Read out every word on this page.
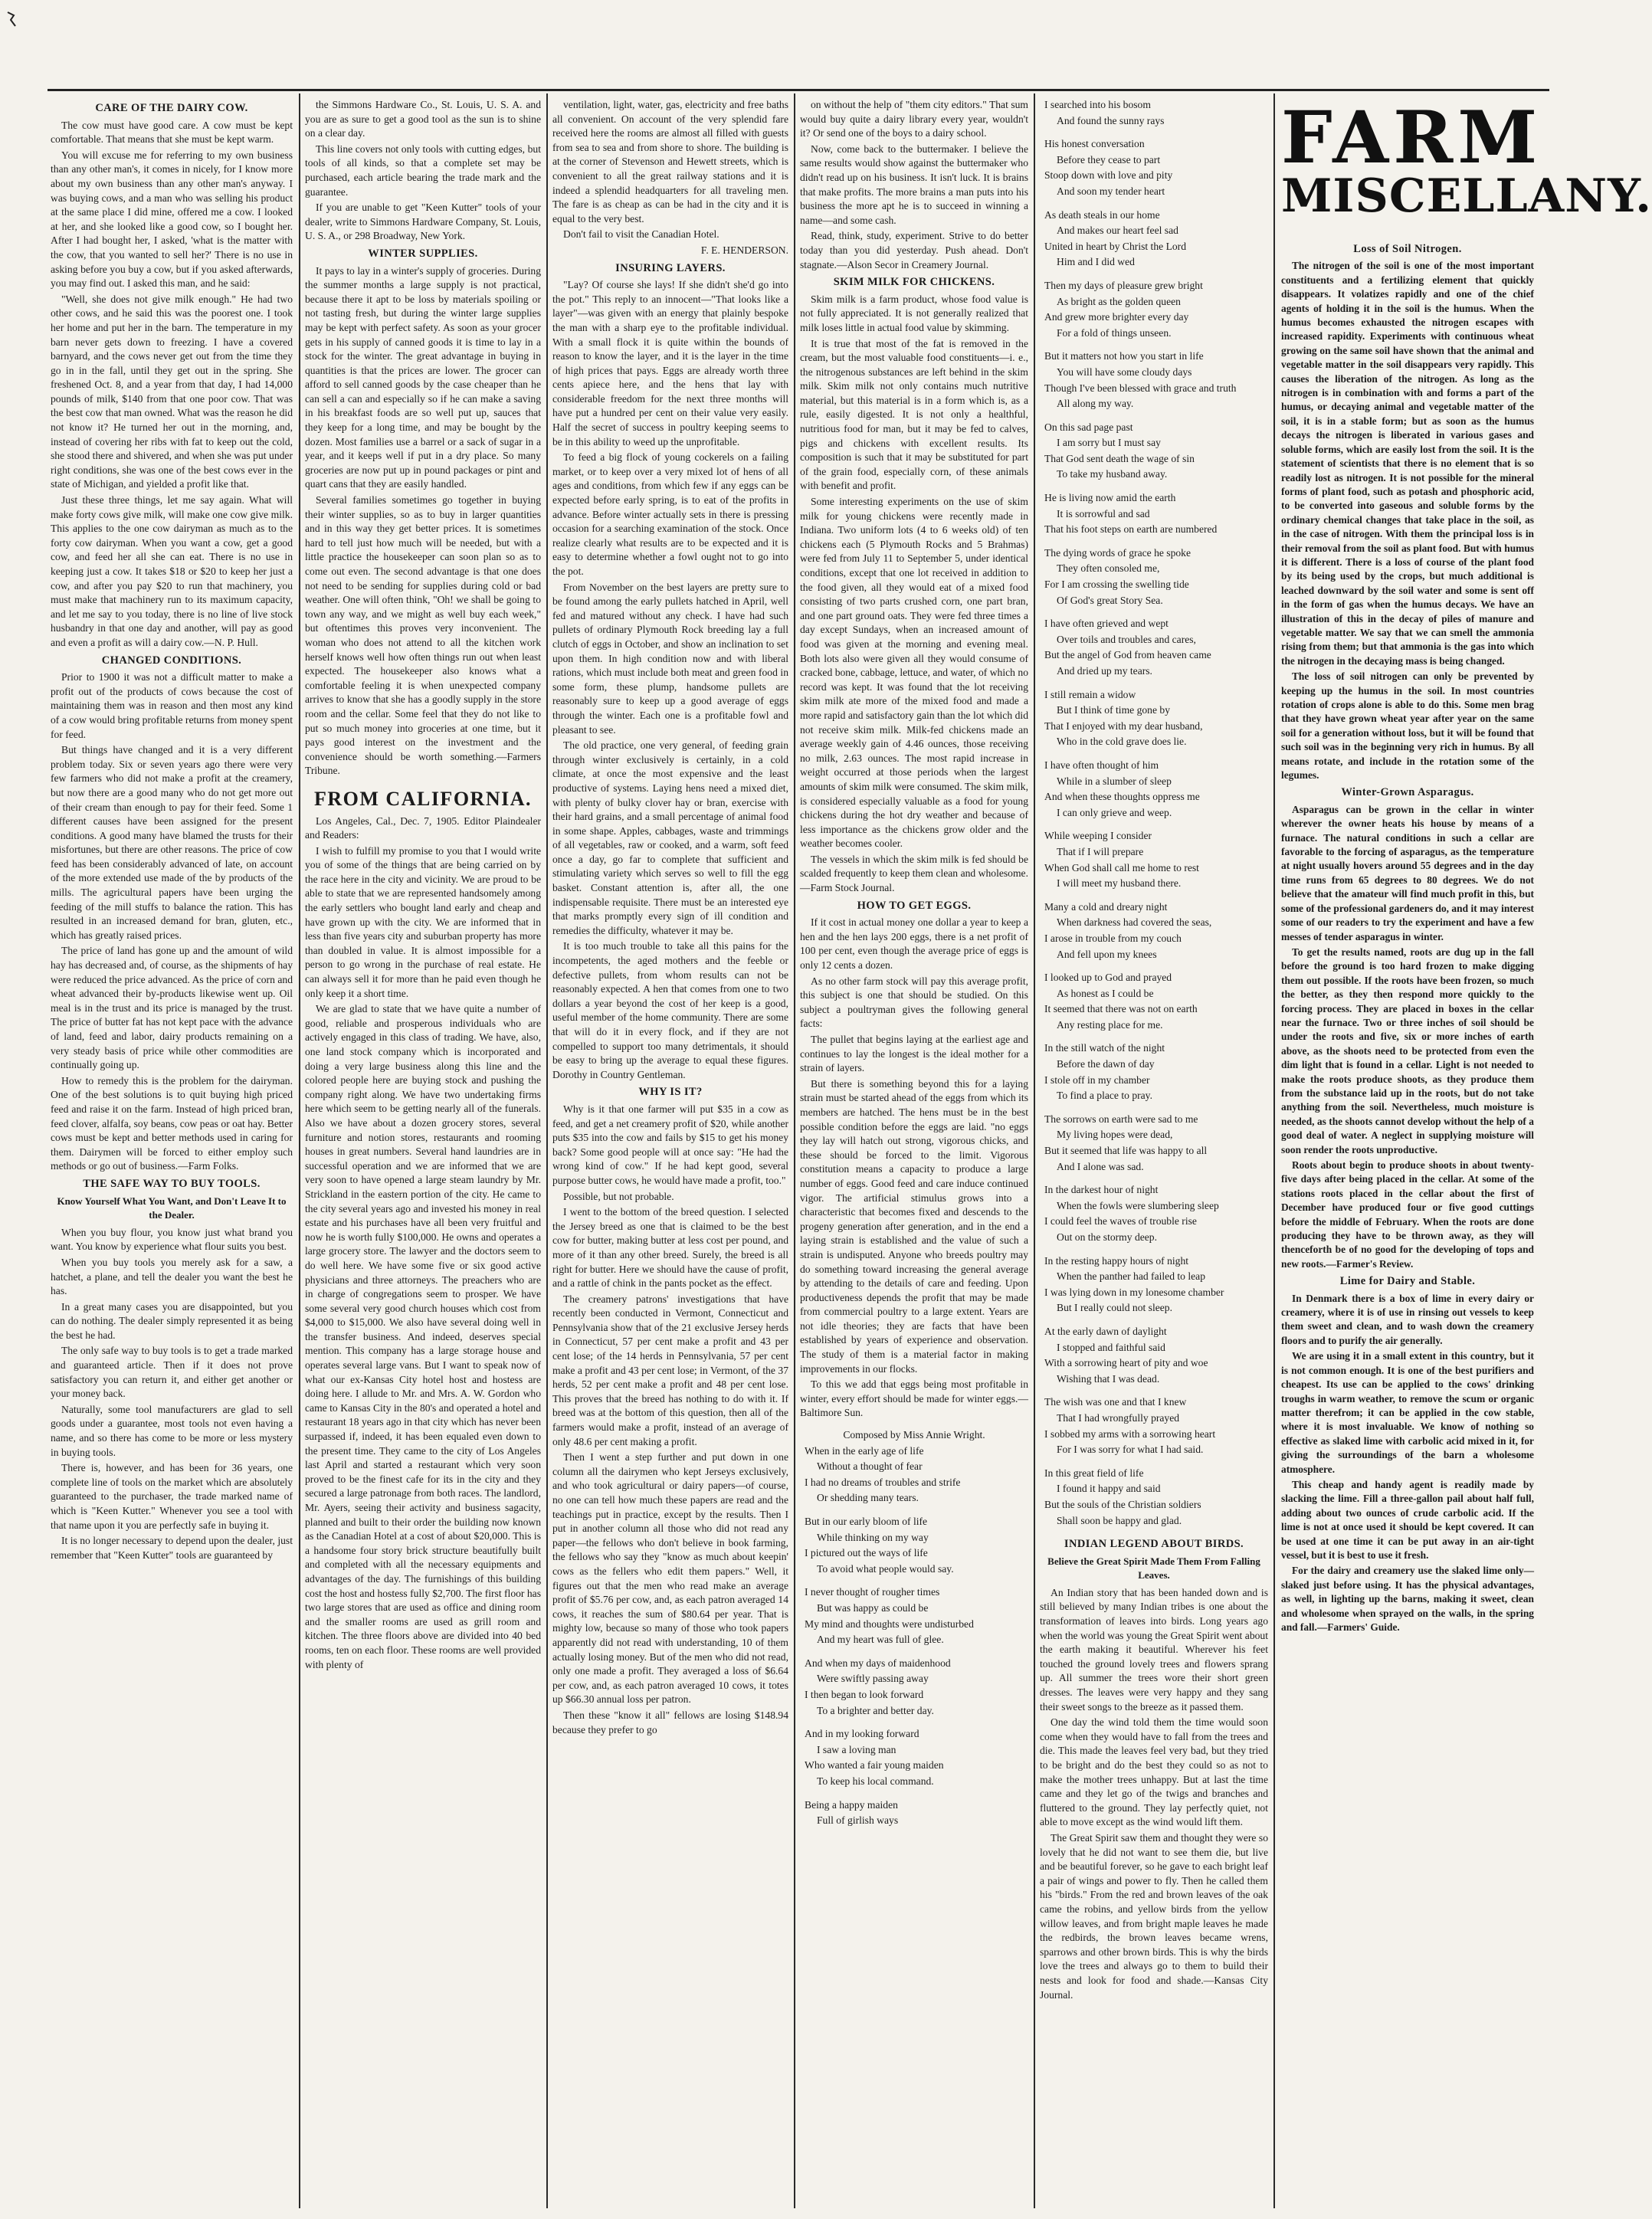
CARE OF THE DAIRY COW.

The cow must have good care. A cow must be kept comfortable. That means that she must be kept warm.

You will excuse me for referring to my own business than any other man's, it comes in nicely, for I know more about my own business than any other man's anyway. I was buying cows, and a man who was selling his product at the same place I did mine, offered me a cow. I looked at her, and she looked like a good cow, so I bought her. After I had bought her, I asked, 'what is the matter with the cow, that you wanted to sell her?' There is no use in asking before you buy a cow, but if you asked afterwards, you may find out. I asked this man, and he said:

"Well, she does not give milk enough." He had two other cows, and he said this was the poorest one. I took her home and put her in the barn. The temperature in my barn never gets down to freezing. I have a covered barnyard, and the cows never get out from the time they go in in the fall, until they get out in the spring. She freshened Oct. 8, and a year from that day, I had 14,000 pounds of milk, $140 from that one poor cow. That was the best cow that man owned. What was the reason he did not know it? He turned her out in the morning, and, instead of covering her ribs with fat to keep out the cold, she stood there and shivered, and when she was put under right conditions, she was one of the best cows ever in the state of Michigan, and yielded a profit like that.

Just these three things, let me say again. What will make forty cows give milk, will make one cow give milk. This applies to the one cow dairyman as much as to the forty cow dairyman. When you want a cow, get a good cow, and feed her all she can eat. There is no use in keeping just a cow. It takes $18 or $20 to keep her just a cow, and after you pay $20 to run that machinery, you must make that machinery run to its maximum capacity, and let me say to you today, there is no line of live stock husbandry in that one day and another, will pay as good and even a profit as will a dairy cow.—N. P. Hull.

CHANGED CONDITIONS.

Prior to 1900 it was not a difficult matter to make a profit out of the products of cows because the cost of maintaining them was in reason and then most any kind of a cow would bring profitable returns from money spent for feed.

But things have changed and it is a very different problem today. Six or seven years ago there were very few farmers who did not make a profit at the creamery, but now there are a good many who do not get more out of their cream than enough to pay for their feed. Some 1 different causes have been assigned for the present conditions. A good many have blamed the trusts for their misfortunes, but there are other reasons. The price of cow feed has been considerably advanced of late, on account of the more extended use made of the by products of the mills. The agricultural papers have been urging the feeding of the mill stuffs to balance the ration. This has resulted in an increased demand for bran, gluten, etc., which has greatly raised prices.

The price of land has gone up and the amount of wild hay has decreased and, of course, as the shipments of hay were reduced the price advanced. As the price of corn and wheat advanced their by-products likewise went up. Oil meal is in the trust and its price is managed by the trust. The price of butter fat has not kept pace with the advance of land, feed and labor, dairy products remaining on a very steady basis of price while other commodities are continually going up.

How to remedy this is the problem for the dairyman. One of the best solutions is to quit buying high priced feed and raise it on the farm. Instead of high priced bran, feed clover, alfalfa, soy beans, cow peas or oat hay. Better cows must be kept and better methods used in caring for them. Dairymen will be forced to either employ such methods or go out of business.—Farm Folks.

THE SAFE WAY TO BUY TOOLS.
Know Yourself What You Want, and Don't Leave It to the Dealer.

When you buy flour, you know just what brand you want. You know by experience what flour suits you best.

When you buy tools you merely ask for a saw, a hatchet, a plane, and tell the dealer you want the best he has.

In a great many cases you are disappointed, but you can do nothing. The dealer simply represented it as being the best he had.

The only safe way to buy tools is to get a trade marked and guaranteed article. Then if it does not prove satisfactory you can return it, and either get another or your money back.

Naturally, some tool manufacturers are glad to sell goods under a guarantee, most tools not even having a name, and so there has come to be more or less mystery in buying tools.

There is, however, and has been for 36 years, one complete line of tools on the market which are absolutely guaranteed to the purchaser, the trade marked name of which is "Keen Kutter." Whenever you see a tool with that name upon it you are perfectly safe in buying it.

It is no longer necessary to depend upon the dealer, just remember that "Keen Kutter" tools are guaranteed by

the Simmons Hardware Co., St. Louis, U. S. A. and you are as sure to get a good tool as the sun is to shine on a clear day.

This line covers not only tools with cutting edges, but tools of all kinds, so that a complete set may be purchased, each article bearing the trade mark and the guarantee.

If you are unable to get "Keen Kutter" tools of your dealer, write to Simmons Hardware Company, St. Louis, U. S. A., or 298 Broadway, New York.

WINTER SUPPLIES.

It pays to lay in a winter's supply of groceries. During the summer months a large supply is not practical, because there it apt to be loss by materials spoiling or not tasting fresh, but during the winter large supplies may be kept with perfect safety. As soon as your grocer gets in his supply of canned goods it is time to lay in a stock for the winter. The great advantage in buying in quantities is that the prices are lower. The grocer can afford to sell canned goods by the case cheaper than he can sell a can and especially so if he can make a saving in his breakfast foods are so well put up, sauces that they keep for a long time, and may be bought by the dozen. Most families use a barrel or a sack of sugar in a year, and it keeps well if put in a dry place. So many groceries are now put up in pound packages or pint and quart cans that they are easily handled.

Several families sometimes go together in buying their winter supplies, so as to buy in larger quantities and in this way they get better prices. It is sometimes hard to tell just how much will be needed, but with a little practice the housekeeper can soon plan so as to come out even. The second advantage is that one does not need to be sending for supplies during cold or bad weather. One will often think, "Oh! we shall be going to town any way, and we might as well buy each week," but oftentimes this proves very inconvenient. The woman who does not attend to all the kitchen work herself knows well how often things run out when least expected. The housekeeper also knows what a comfortable feeling it is when unexpected company arrives to know that she has a goodly supply in the store room and the cellar. Some feel that they do not like to put so much money into groceries at one time, but it pays good interest on the investment and the convenience should be worth something.—Farmers Tribune.

FROM CALIFORNIA.

Los Angeles, Cal., Dec. 7, 1905. Editor Plaindealer and Readers:

I wish to fulfill my promise to you that I would write you of some of the things that are being carried on by the race here in the city and vicinity. We are proud to be able to state that we are represented handsomely among the early settlers who bought land early and cheap and have grown up with the city. We are informed that in less than five years city and suburban property has more than doubled in value. It is almost impossible for a person to go wrong in the purchase of real estate. He can always sell it for more than he paid even though he only keep it a short time.

We are glad to state that we have quite a number of good, reliable and prosperous individuals who are actively engaged in this class of trading. We have, also, one land stock company which is incorporated and doing a very large business along this line and the colored people here are buying stock and pushing the company right along. We have two undertaking firms here which seem to be getting nearly all of the funerals. Also we have about a dozen grocery stores, several furniture and notion stores, restaurants and rooming houses in great numbers. Several hand laundries are in successful operation and we are informed that we are very soon to have opened a large steam laundry by Mr. Strickland in the eastern portion of the city. He came to the city several years ago and invested his money in real estate and his purchases have all been very fruitful and now he is worth fully $100,000. He owns and operates a large grocery store. The lawyer and the doctors seem to do well here. We have some five or six good active physicians and three attorneys. The preachers who are in charge of congregations seem to prosper. We have some several very good church houses which cost from $4,000 to $15,000. We also have several doing well in the transfer business. And indeed, deserves special mention. This company has a large storage house and operates several large vans. But I want to speak now of what our ex-Kansas City hotel host and hostess are doing here. I allude to Mr. and Mrs. A. W. Gordon who came to Kansas City in the 80's and operated a hotel and restaurant 18 years ago in that city which has never been surpassed if, indeed, it has been equaled even down to the present time. They came to the city of Los Angeles last April and started a restaurant which very soon proved to be the finest cafe for its in the city and they secured a large patronage from both races. The landlord, Mr. Ayers, seeing their activity and business sagacity, planned and built to their order the building now known as the Canadian Hotel at a cost of about $20,000. This is a handsome four story brick structure beautifully built and completed with all the necessary equipments and advantages of the day. The furnishings of this building cost the host and hostess fully $2,700. The first floor has two large stores that are used as office and dining room and the smaller rooms are used as grill room and kitchen. The three floors above are divided into 40 bed rooms, ten on each floor. These rooms are well provided with plenty of

ventilation, light, water, gas, electricity and free baths all convenient. On account of the very splendid fare received here the rooms are almost all filled with guests from sea to sea and from shore to shore. The building is at the corner of Stevenson and Hewett streets, which is convenient to all the great railway stations and it is indeed a splendid headquarters for all traveling men. The fare is as cheap as can be had in the city and it is equal to the very best.

Don't fail to visit the Canadian Hotel.

F. E. HENDERSON.

INSURING LAYERS.

"Lay? Of course she lays! If she didn't she'd go into the pot." This reply to an innocent—"That looks like a layer"—was given with an energy that plainly bespoke the man with a sharp eye to the profitable individual. With a small flock it is quite within the bounds of reason to know the layer, and it is the layer in the time of high prices that pays. Eggs are already worth three cents apiece here, and the hens that lay with considerable freedom for the next three months will have put a hundred per cent on their value very easily. Half the secret of success in poultry keeping seems to be in this ability to weed up the unprofitable.

To feed a big flock of young cockerels on a failing market, or to keep over a very mixed lot of hens of all ages and conditions, from which few if any eggs can be expected before early spring, is to eat of the profits in advance. Before winter actually sets in there is pressing occasion for a searching examination of the stock. Once realize clearly what results are to be expected and it is easy to determine whether a fowl ought not to go into the pot.

From November on the best layers are pretty sure to be found among the early pullets hatched in April, well fed and matured without any check. I have had such pullets of ordinary Plymouth Rock breeding lay a full clutch of eggs in October, and show an inclination to set upon them. In high condition now and with liberal rations, which must include both meat and green food in some form, these plump, handsome pullets are reasonably sure to keep up a good average of eggs through the winter. Each one is a profitable fowl and pleasant to see.

The old practice, one very general, of feeding grain through winter exclusively is certainly, in a cold climate, at once the most expensive and the least productive of systems. Laying hens need a mixed diet, with plenty of bulky clover hay or bran, exercise with their hard grains, and a small percentage of animal food in some shape. Apples, cabbages, waste and trimmings of all vegetables, raw or cooked, and a warm, soft feed once a day, go far to complete that sufficient and stimulating variety which serves so well to fill the egg basket. Constant attention is, after all, the one indispensable requisite. There must be an interested eye that marks promptly every sign of ill condition and remedies the difficulty, whatever it may be.

It is too much trouble to take all this pains for the incompetents, the aged mothers and the feeble or defective pullets, from whom results can not be reasonably expected. A hen that comes from one to two dollars a year beyond the cost of her keep is a good, useful member of the home community. There are some that will do it in every flock, and if they are not compelled to support too many detrimentals, it should be easy to bring up the average to equal these figures. Dorothy in Country Gentleman.

WHY IS IT?

Why is it that one farmer will put $35 in a cow as feed, and get a net creamery profit of $20, while another puts $35 into the cow and fails by $15 to get his money back? Some good people will at once say: "He had the wrong kind of cow." If he had kept good, several purpose butter cows, he would have made a profit, too."

Possible, but not probable.

I went to the bottom of the breed question. I selected the Jersey breed as one that is claimed to be the best cow for butter, making butter at less cost per pound, and more of it than any other breed. Surely, the breed is all right for butter. Here we should have the cause of profit, and a rattle of chink in the pants pocket as the effect.

The creamery patrons' investigations that have recently been conducted in Vermont, Connecticut and Pennsylvania show that of the 21 exclusive Jersey herds in Connecticut, 57 per cent make a profit and 43 per cent lose; of the 14 herds in Pennsylvania, 57 per cent make a profit and 43 per cent lose; in Vermont, of the 37 herds, 52 per cent make a profit and 48 per cent lose. This proves that the breed has nothing to do with it. If breed was at the bottom of this question, then all of the farmers would make a profit, instead of an average of only 48.6 per cent making a profit.

Then I went a step further and put down in one column all the dairymen who kept Jerseys exclusively, and who took agricultural or dairy papers—of course, no one can tell how much these papers are read and the teachings put in practice, except by the results. Then I put in another column all those who did not read any paper—the fellows who don't believe in book farming, the fellows who say they "know as much about keepin' cows as the fellers who edit them papers." Well, it figures out that the men who read make an average profit of $5.76 per cow, and, as each patron averaged 14 cows, it reaches the sum of $80.64 per year. That is mighty low, because so many of those who took papers apparently did not read with understanding, 10 of them actually losing money. But of the men who did not read, only one made a profit. They averaged a loss of $6.64 per cow, and, as each patron averaged 10 cows, it totes up $66.30 annual loss per patron.

Then these "know it all" fellows are losing $148.94 because they prefer to go

on without the help of "them city editors." That sum would buy quite a dairy library every year, wouldn't it? Or send one of the boys to a dairy school.

Now, come back to the buttermaker. I believe the same results would show against the buttermaker who didn't read up on his business. It isn't luck. It is brains that make profits. The more brains a man puts into his business the more apt he is to succeed in winning a name—and some cash.

Read, think, study, experiment. Strive to do better today than you did yesterday. Push ahead. Don't stagnate.—Alson Secor in Creamery Journal.

SKIM MILK FOR CHICKENS.

Skim milk is a farm product, whose food value is not fully appreciated. It is not generally realized that milk loses little in actual food value by skimming.

It is true that most of the fat is removed in the cream, but the most valuable food constituents—i. e., the nitrogenous substances are left behind in the skim milk. Skim milk not only contains much nutritive material, but this material is in a form which is, as a rule, easily digested. It is not only a healthful, nutritious food for man, but it may be fed to calves, pigs and chickens with excellent results. Its composition is such that it may be substituted for part of the grain food, especially corn, of these animals with benefit and profit.

Some interesting experiments on the use of skim milk for young chickens were recently made in Indiana. Two uniform lots (4 to 6 weeks old) of ten chickens each (5 Plymouth Rocks and 5 Brahmas) were fed from July 11 to September 5, under identical conditions, except that one lot received in addition to the food given, all they would eat of a mixed food consisting of two parts crushed corn, one part bran, and one part ground oats. They were fed three times a day except Sundays, when an increased amount of food was given at the morning and evening meal. Both lots also were given all they would consume of cracked bone, cabbage, lettuce, and water, of which no record was kept. It was found that the lot receiving skim milk ate more of the mixed food and made a more rapid and satisfactory gain than the lot which did not receive skim milk. Milk-fed chickens made an average weekly gain of 4.46 ounces, those receiving no milk, 2.63 ounces. The most rapid increase in weight occurred at those periods when the largest amounts of skim milk were consumed. The skim milk, is considered especially valuable as a food for young chickens during the hot dry weather and because of less importance as the chickens grow older and the weather becomes cooler.

The vessels in which the skim milk is fed should be scalded frequently to keep them clean and wholesome.—Farm Stock Journal.

HOW TO GET EGGS.

If it cost in actual money one dollar a year to keep a hen and the hen lays 200 eggs, there is a net profit of 100 per cent, even though the average price of eggs is only 12 cents a dozen.

As no other farm stock will pay this average profit, this subject is one that should be studied. On this subject a poultryman gives the following general facts:

The pullet that begins laying at the earliest age and continues to lay the longest is the ideal mother for a strain of layers.

But there is something beyond this for a laying strain must be started ahead of the eggs from which its members are hatched. The hens must be in the best possible condition before the eggs are laid. "no eggs they lay will hatch out strong, vigorous chicks, and these should be forced to the limit. Vigorous constitution means a capacity to produce a large number of eggs. Good feed and care induce continued vigor. The artificial stimulus grows into a characteristic that becomes fixed and descends to the progeny generation after generation, and in the end a laying strain is established and the value of such a strain is undisputed. Anyone who breeds poultry may do something toward increasing the general average by attending to the details of care and feeding. Upon productiveness depends the profit that may be made from commercial poultry to a large extent. Years are not idle theories; they are facts that have been established by years of experience and observation. The study of them is a material factor in making improvements in our flocks.

To this we add that eggs being most profitable in winter, every effort should be made for winter eggs.—Baltimore Sun.

Composed by Miss Annie Wright.

When in the early age of life
Without a thought of fear
I had no dreams of troubles and strife
Or shedding many tears.
But in our early bloom of life
While thinking on my way
I pictured out the ways of life
To avoid what people would say.
I never thought of rougher times
But was happy as could be
My mind and thoughts were undisturbed
And my heart was full of glee.
And when my days of maidenhood
Were swiftly passing away
I then began to look forward
To a brighter and better day.
And in my looking forward
I saw a loving man
Who wanted a fair young maiden
To keep his local command.
Being a happy maiden
Full of girlish ways
I searched into his bosom
And found the sunny rays
His honest conversation
Before they cease to part
Stoop down with love and pity
And soon my tender heart
As death steals in our home
And makes our heart feel sad
United in heart by Christ the Lord
Him and I did wed
Then my days of pleasure grew bright
As bright as the golden queen
And grew more brighter every day
For a fold of things unseen.
But it matters not how you start in life
You will have some cloudy days
Though I've been blessed with grace and truth
All along my way.
On this sad page past
I am sorry but I must say
That God sent death the wage of sin
To take my husband away.
He is living now amid the earth
It is sorrowful and sad
That his foot steps on earth are numbered
The dying words of grace he spoke
They often consoled me,
For I am crossing the swelling tide
Of God's great Story Sea.
I have often grieved and wept
Over toils and troubles and cares,
But the angel of God from heaven came
And dried up my tears.
I still remain a widow
But I think of time gone by
That I enjoyed with my dear husband,
Who in the cold grave does lie.
I have often thought of him
While in a slumber of sleep
And when these thoughts oppress me
I can only grieve and weep.
While weeping I consider
That if I will prepare
When God shall call me home to rest
I will meet my husband there.
Many a cold and dreary night
When darkness had covered the seas,
I arose in trouble from my couch
And fell upon my knees
I looked up to God and prayed
As honest as I could be
It seemed that there was not on earth
Any resting place for me.
In the still watch of the night
Before the dawn of day
I stole off in my chamber
To find a place to pray.
The sorrows on earth were sad to me
My living hopes were dead,
But it seemed that life was happy to all
And I alone was sad.
In the darkest hour of night
When the fowls were slumbering sleep
I could feel the waves of trouble rise
Out on the stormy deep.
In the resting happy hours of night
When the panther had failed to leap
I was lying down in my lonesome chamber
But I really could not sleep.
At the early dawn of daylight
I stopped and faithful said
With a sorrowing heart of pity and woe
Wishing that I was dead.
The wish was one and that I knew
That I had wrongfully prayed
I sobbed my arms with a sorrowing heart
For I was sorry for what I had said.
In this great field of life
I found it happy and said
But the souls of the Christian soldiers
Shall soon be happy and glad.
INDIAN LEGEND ABOUT BIRDS.
Believe the Great Spirit Made Them From Falling Leaves.

An Indian story that has been handed down and is still believed by many Indian tribes is one about the transformation of leaves into birds. Long years ago when the world was young the Great Spirit went about the earth making it beautiful. Wherever his feet touched the ground lovely trees and flowers sprang up. All summer the trees wore their short green dresses. The leaves were very happy and they sang their sweet songs to the breeze as it passed them.

One day the wind told them the time would soon come when they would have to fall from the trees and die. This made the leaves feel very bad, but they tried to be bright and do the best they could so as not to make the mother trees unhappy. But at last the time came and they let go of the twigs and branches and fluttered to the ground. They lay perfectly quiet, not able to move except as the wind would lift them.

The Great Spirit saw them and thought they were so lovely that he did not want to see them die, but live and be beautiful forever, so he gave to each bright leaf a pair of wings and power to fly. Then he called them his "birds." From the red and brown leaves of the oak came the robins, and yellow birds from the yellow willow leaves, and from bright maple leaves he made the redbirds, the brown leaves became wrens, sparrows and other brown birds. This is why the birds love the trees and always go to them to build their nests and look for food and shade.—Kansas City Journal.

FARM
MISCELLANY.
Loss of Soil Nitrogen.

The nitrogen of the soil is one of the most important constituents and a fertilizing element that quickly disappears. It volatizes rapidly and one of the chief agents of holding it in the soil is the humus. When the humus becomes exhausted the nitrogen escapes with increased rapidity. Experiments with continuous wheat growing on the same soil have shown that the animal and vegetable matter in the soil disappears very rapidly. This causes the liberation of the nitrogen. As long as the nitrogen is in combination with and forms a part of the humus, or decaying animal and vegetable matter of the soil, it is in a stable form; but as soon as the humus decays the nitrogen is liberated in various gases and soluble forms, which are easily lost from the soil. It is the statement of scientists that there is no element that is so readily lost as nitrogen. It is not possible for the mineral forms of plant food, such as potash and phosphoric acid, to be converted into gaseous and soluble forms by the ordinary chemical changes that take place in the soil, as in the case of nitrogen. With them the principal loss is in their removal from the soil as plant food. But with humus it is different. There is a loss of course of the plant food by its being used by the crops, but much additional is leached downward by the soil water and some is sent off in the form of gas when the humus decays. We have an illustration of this in the decay of piles of manure and vegetable matter. We say that we can smell the ammonia rising from them; but that ammonia is the gas into which the nitrogen in the decaying mass is being changed.

The loss of soil nitrogen can only be prevented by keeping up the humus in the soil. In most countries rotation of crops alone is able to do this. Some men brag that they have grown wheat year after year on the same soil for a generation without loss, but it will be found that such soil was in the beginning very rich in humus. By all means rotate, and include in the rotation some of the legumes.

Winter-Grown Asparagus.

Asparagus can be grown in the cellar in winter wherever the owner heats his house by means of a furnace. The natural conditions in such a cellar are favorable to the forcing of asparagus, as the temperature at night usually hovers around 55 degrees and in the day time runs from 65 degrees to 80 degrees. We do not believe that the amateur will find much profit in this, but some of the professional gardeners do, and it may interest some of our readers to try the experiment and have a few messes of tender asparagus in winter.

To get the results named, roots are dug up in the fall before the ground is too hard frozen to make digging them out possible. If the roots have been frozen, so much the better, as they then respond more quickly to the forcing process. They are placed in boxes in the cellar near the furnace. Two or three inches of soil should be under the roots and five, six or more inches of earth above, as the shoots need to be protected from even the dim light that is found in a cellar. Light is not needed to make the roots produce shoots, as they produce them from the substance laid up in the roots, but do not take anything from the soil. Nevertheless, much moisture is needed, as the shoots cannot develop without the help of a good deal of water. A neglect in supplying moisture will soon render the roots unproductive.

Roots about begin to produce shoots in about twenty-five days after being placed in the cellar. At some of the stations roots placed in the cellar about the first of December have produced four or five good cuttings before the middle of February. When the roots are done producing they have to be thrown away, as they will thenceforth be of no good for the developing of tops and new roots.—Farmer's Review.

Lime for Dairy and Stable.

In Denmark there is a box of lime in every dairy or creamery, where it is of use in rinsing out vessels to keep them sweet and clean, and to wash down the creamery floors and to purify the air generally.

We are using it in a small extent in this country, but it is not common enough. It is one of the best purifiers and cheapest. Its use can be applied to the cows' drinking troughs in warm weather, to remove the scum or organic matter therefrom; it can be applied in the cow stable, where it is most invaluable. We know of nothing so effective as slaked lime with carbolic acid mixed in it, for giving the surroundings of the barn a wholesome atmosphere.

This cheap and handy agent is readily made by slacking the lime. Fill a three-gallon pail about half full, adding about two ounces of crude carbolic acid. If the lime is not at once used it should be kept covered. It can be used at one time it can be put away in an air-tight vessel, but it is best to use it fresh.

For the dairy and creamery use the slaked lime only—slaked just before using. It has the physical advantages, as well, in lighting up the barns, making it sweet, clean and wholesome when sprayed on the walls, in the spring and fall.—Farmers' Guide.
